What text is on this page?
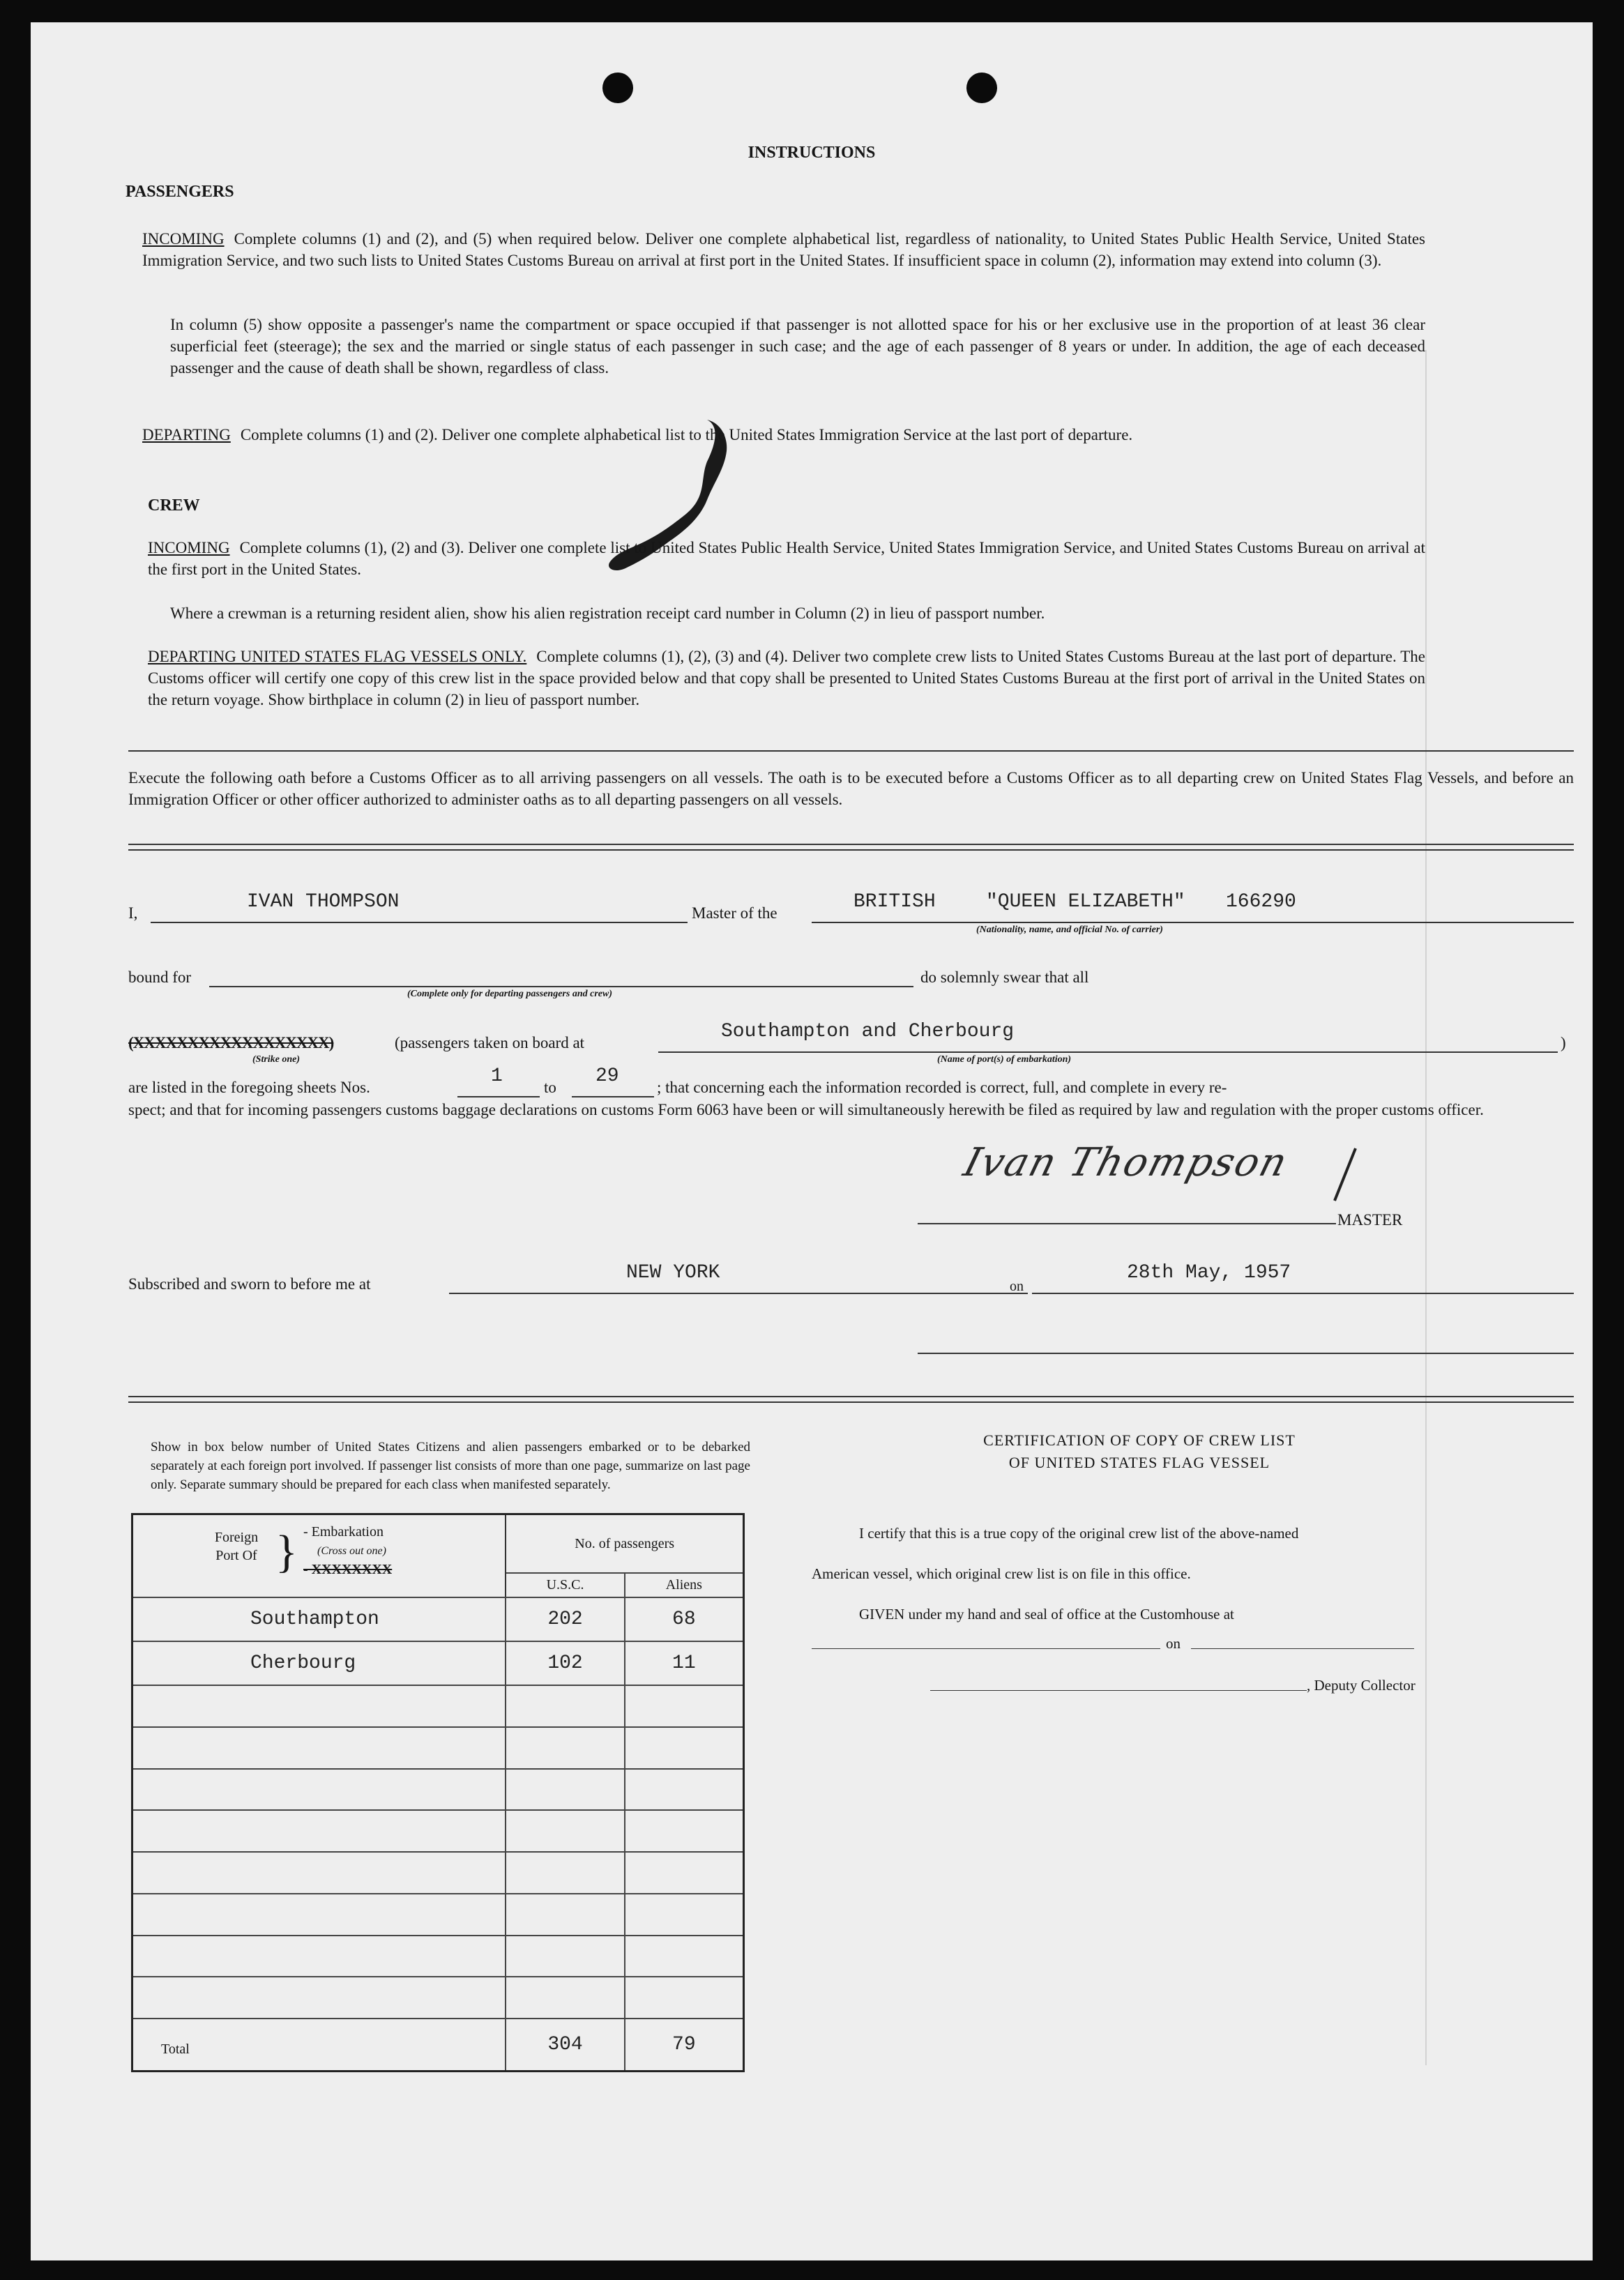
INSTRUCTIONS
PASSENGERS
INCOMING Complete columns (1) and (2), and (5) when required below. Deliver one complete alphabetical list, regardless of nationality, to United States Public Health Service, United States Immigration Service, and two such lists to United States Customs Bureau on arrival at first port in the United States. If insufficient space in column (2), information may extend into column (3).
In column (5) show opposite a passenger's name the compartment or space occupied if that passenger is not allotted space for his or her exclusive use in the proportion of at least 36 clear superficial feet (steerage); the sex and the married or single status of each passenger in such case; and the age of each passenger of 8 years or under. In addition, the age of each deceased passenger and the cause of death shall be shown, regardless of class.
DEPARTING Complete columns (1) and (2). Deliver one complete alphabetical list to the United States Immigration Service at the last port of departure.
CREW
INCOMING Complete columns (1), (2) and (3). Deliver one complete list to United States Public Health Service, United States Immigration Service, and United States Customs Bureau on arrival at the first port in the United States.
Where a crewman is a returning resident alien, show his alien registration receipt card number in Column (2) in lieu of passport number.
DEPARTING UNITED STATES FLAG VESSELS ONLY. Complete columns (1), (2), (3) and (4). Deliver two complete crew lists to United States Customs Bureau at the last port of departure. The Customs officer will certify one copy of this crew list in the space provided below and that copy shall be presented to United States Customs Bureau at the first port of arrival in the United States on the return voyage. Show birthplace in column (2) in lieu of passport number.
Execute the following oath before a Customs Officer as to all arriving passengers on all vessels. The oath is to be executed before a Customs Officer as to all departing crew on United States Flag Vessels, and before an Immigration Officer or other officer authorized to administer oaths as to all departing passengers on all vessels.
I,
IVAN THOMPSON
Master of the
BRITISH	"QUEEN ELIZABETH" 166290
(Nationality, name, and official No. of carrier)
bound for
(Complete only for departing passengers and crew)
do solemnly swear that all
(XXXXXXXXXXXXXXXXXX)
(Strike one)
(passengers taken on board at
Southampton and Cherbourg
(Name of port(s) of embarkation)
)
are listed in the foregoing sheets Nos.
1
to
29
; that concerning each the information recorded is correct, full, and complete in every re-
spect; and that for incoming passengers customs baggage declarations on customs Form 6063 have been or will simultaneously herewith be filed as required by law and regulation with the proper customs officer.
Ivan Thompson
MASTER
Subscribed and sworn to before me at
NEW YORK
on
28th May, 1957
Show in box below number of United States Citizens and alien passengers embarked or to be debarked separately at each foreign port involved. If passenger list consists of more than one page, summarize on last page only. Separate summary should be prepared for each class when manifested separately.
Foreign Port Of } - Embarkation
(Cross out one)
- XXXXXXXX	No. of passengers	
	U.S.C.	Aliens
Southampton	202	68
Cherbourg	102	11

Total	304	79
CERTIFICATION OF COPY OF CREW LIST
OF UNITED STATES FLAG VESSEL
I certify that this is a true copy of the original crew list of the above-named
American vessel, which original crew list is on file in this office.
GIVEN under my hand and seal of office at the Customhouse at
on
, Deputy Collector
